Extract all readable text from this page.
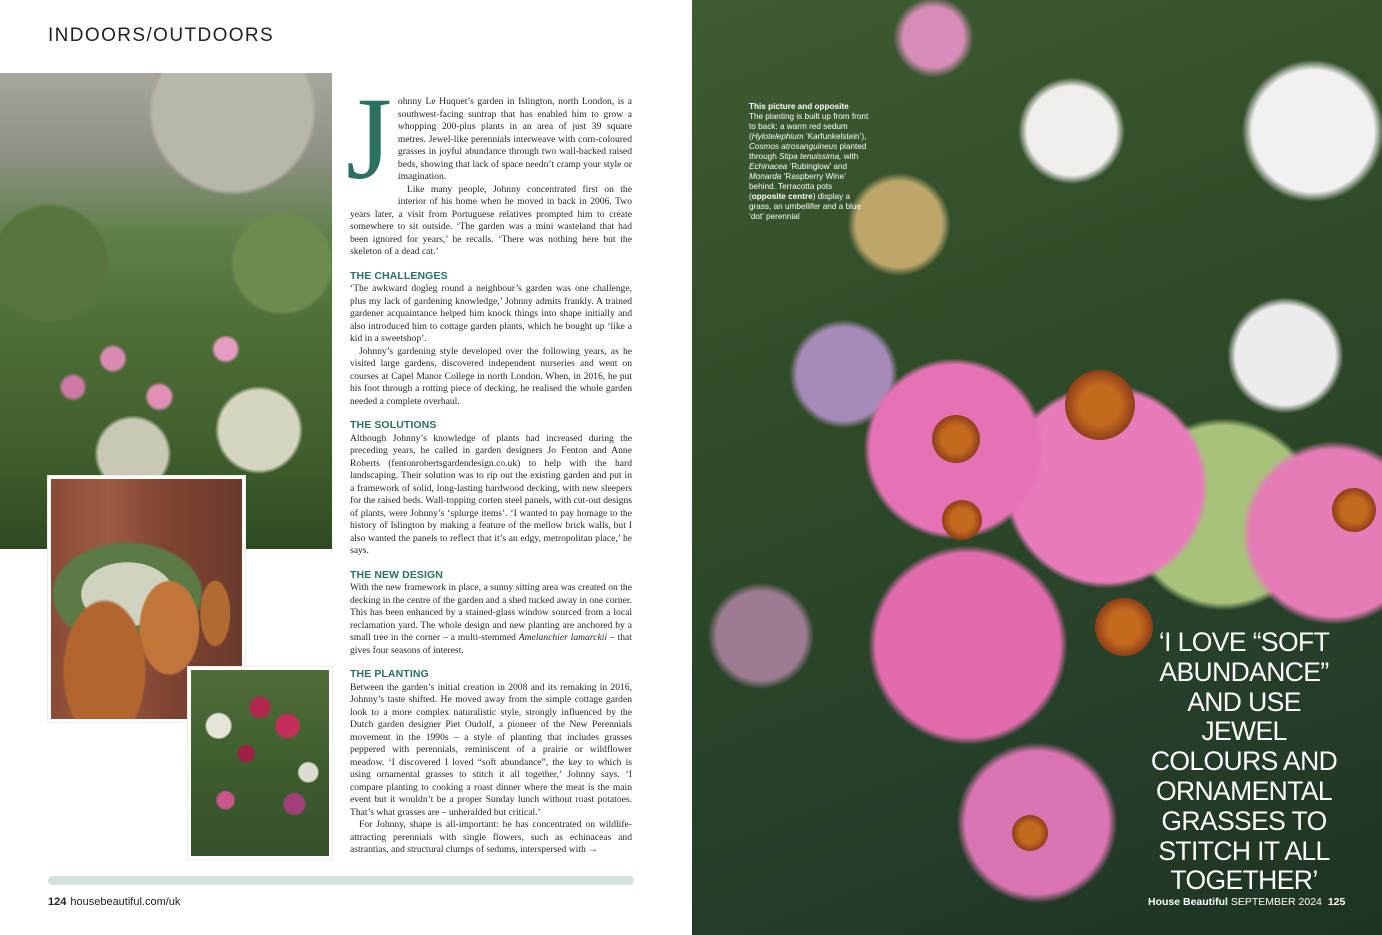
INDOORS/OUTDOORS
J ohnny Le Huquet’s garden in Islington, north London, is a southwest-facing suntrap that has enabled him to grow a whopping 200-plus plants in an area of just 39 square metres. Jewel-like perennials interweave with corn-coloured grasses in joyful abundance through two wall-backed raised beds, showing that lack of space needn’t cramp your style or imagination.

Like many people, Johnny concentrated first on the interior of his home when he moved in back in 2006. Two years later, a visit from Portuguese relatives prompted him to create somewhere to sit outside. ‘The garden was a mini wasteland that had been ignored for years,’ he recalls. ‘There was nothing here but the skeleton of a dead cat.’

THE CHALLENGES

‘The awkward dogleg round a neighbour’s garden was one challenge, plus my lack of gardening knowledge,’ Johnny admits frankly. A trained gardener acquaintance helped him knock things into shape initially and also introduced him to cottage garden plants, which he bought up ‘like a kid in a sweetshop’.

Johnny’s gardening style developed over the following years, as he visited large gardens, discovered independent nurseries and went on courses at Capel Manor College in north London. When, in 2016, he put his foot through a rotting piece of decking, he realised the whole garden needed a complete overhaul.

THE SOLUTIONS

Although Johnny’s knowledge of plants had increased during the preceding years, he called in garden designers Jo Fenton and Anne Roberts (fentonrobertsgardendesign.co.uk) to help with the hard landscaping. Their solution was to rip out the existing garden and put in a framework of solid, long-lasting hardwood decking, with new sleepers for the raised beds. Wall-topping corten steel panels, with cut-out designs of plants, were Johnny’s ‘splurge items’. ‘I wanted to pay homage to the history of Islington by making a feature of the mellow brick walls, but I also wanted the panels to reflect that it’s an edgy, metropolitan place,’ he says.

THE NEW DESIGN

With the new framework in place, a sunny sitting area was created on the decking in the centre of the garden and a shed tucked away in one corner. This has been enhanced by a stained-glass window sourced from a local reclamation yard. The whole design and new planting are anchored by a small tree in the corner – a multi-stemmed Amelanchier lamarckii – that gives four seasons of interest.

THE PLANTING

Between the garden’s initial creation in 2008 and its remaking in 2016, Johnny’s taste shifted. He moved away from the simple cottage garden look to a more complex naturalistic style, strongly influenced by the Dutch garden designer Piet Oudolf, a pioneer of the New Perennials movement in the 1990s – a style of planting that includes grasses peppered with perennials, reminiscent of a prairie or wildflower meadow. ‘I discovered I loved “soft abundance”, the key to which is using ornamental grasses to stitch it all together,’ Johnny says. ‘I compare planting to cooking a roast dinner where the meat is the main event but it wouldn’t be a proper Sunday lunch without roast potatoes. That’s what grasses are – unheralded but critical.’

For Johnny, shape is all-important: he has concentrated on wildlife-attracting perennials with single flowers, such as echinaceas and astrantias, and structural clumps of sedums, interspersed with →

124 housebeautiful.com/uk
This picture and opposite
The planting is built up from front to back: a warm red sedum (Hylotelephium ‘Karfunkelstein’), Cosmos atrosanguineus planted through Stipa tenuissima, with Echinacea ‘Rubinglow’ and Monarda ‘Raspberry Wine’ behind. Terracotta pots (opposite centre) display a grass, an umbellifer and a blue ‘dot’ perennial
‘I LOVE “SOFT
ABUNDANCE”
AND USE JEWEL
COLOURS AND
ORNAMENTAL
GRASSES TO
STITCH IT ALL
TOGETHER’
House Beautiful SEPTEMBER 2024 125
